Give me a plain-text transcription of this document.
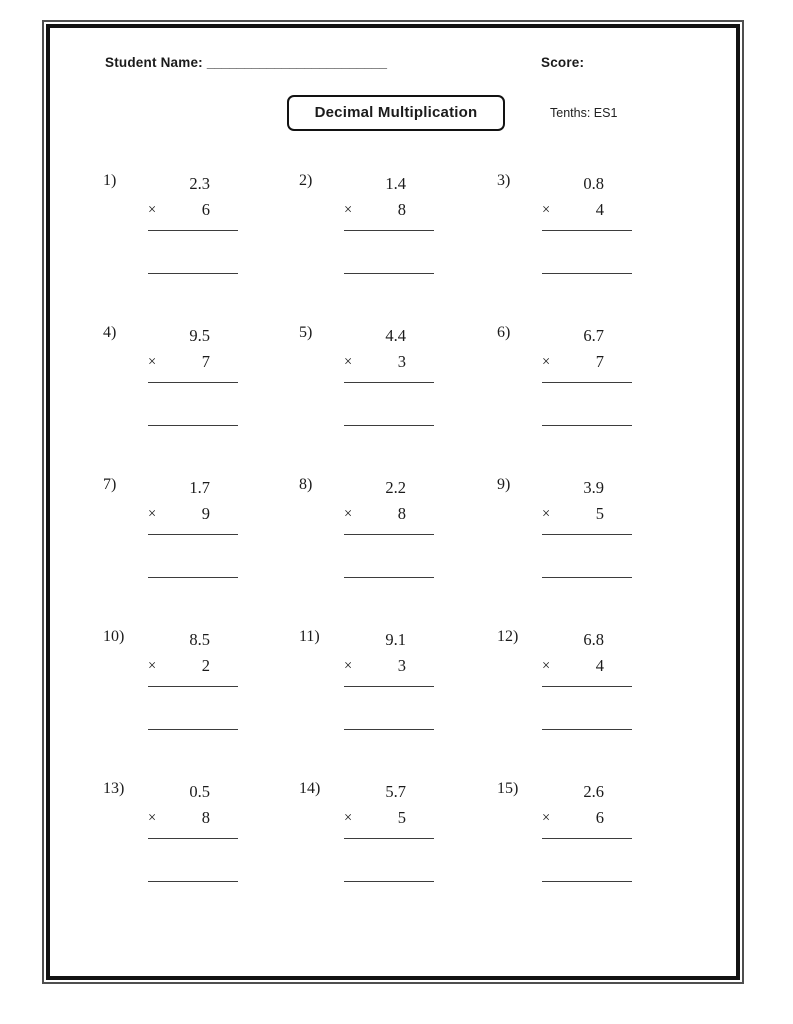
Student Name: ________________________	Score:
Decimal Multiplication	Tenths: ES1
1)	2.3
×	6
2)	1.4
×	8
3)	0.8
×	4
4)	9.5
×	7
5)	4.4
×	3
6)	6.7
×	7
7)	1.7
×	9
8)	2.2
×	8
9)	3.9
×	5
10)	8.5
×	2
11)	9.1
×	3
12)	6.8
×	4
13)	0.5
×	8
14)	5.7
×	5
15)	2.6
×	6
